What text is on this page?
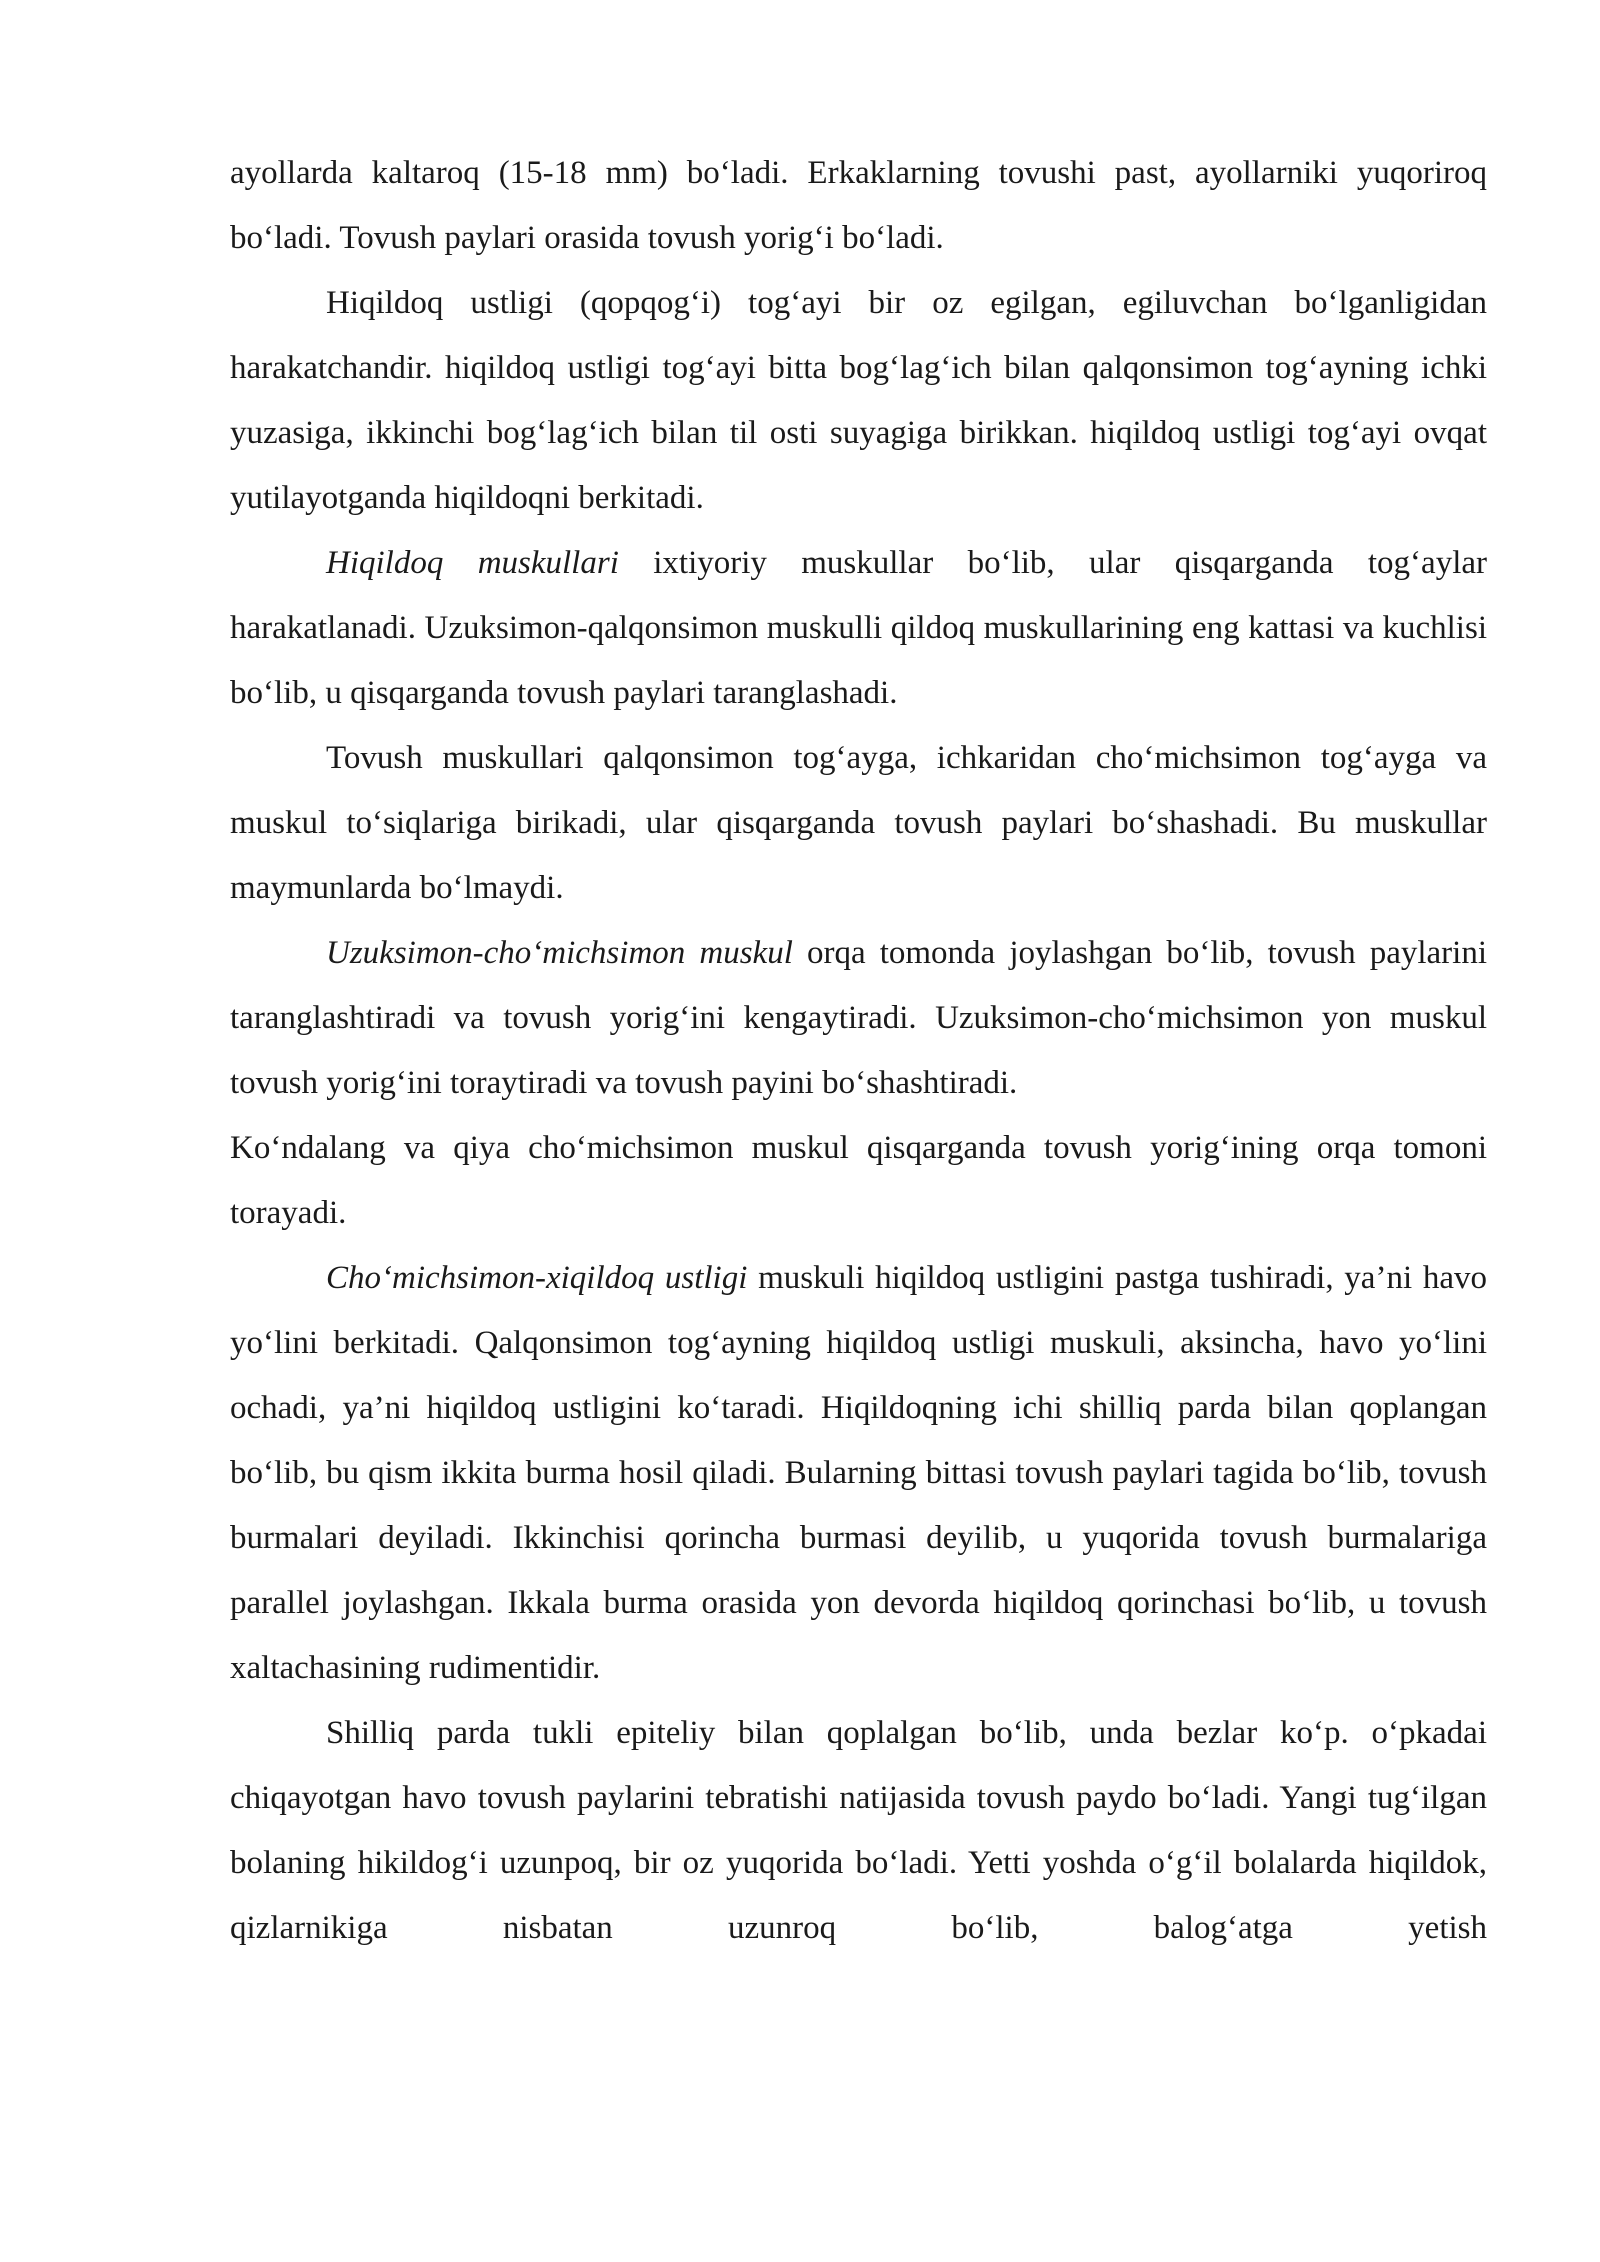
ayollarda kaltaroq (15-18 mm) bo‘ladi. Erkaklarning tovushi past, ayollarniki yuqoriroq bo‘ladi. Tovush paylari orasida tovush yorig‘i bo‘ladi.

Hiqildoq ustligi (qopqog‘i) tog‘ayi bir oz egilgan, egiluvchan bo‘lganligidan harakatchandir. hiqildoq ustligi tog‘ayi bitta bog‘lag‘ich bilan qalqonsimon tog‘ayning ichki yuzasiga, ikkinchi bog‘lag‘ich bilan til osti suyagiga birikkan. hiqildoq ustligi tog‘ayi ovqat yutilayotganda hiqildoqni berkitadi.

Hiqildoq muskullari ixtiyoriy muskullar bo‘lib, ular qisqarganda tog‘aylar harakatlanadi. Uzuksimon-qalqonsimon muskulli qildoq muskullarining eng kattasi va kuchlisi bo‘lib, u qisqarganda tovush paylari taranglashadi.

Tovush muskullari qalqonsimon tog‘ayga, ichkaridan cho‘michsimon tog‘ayga va muskul to‘siqlariga birikadi, ular qisqarganda tovush paylari bo‘shashadi. Bu muskullar maymunlarda bo‘lmaydi.

Uzuksimon-cho‘michsimon muskul orqa tomonda joylashgan bo‘lib, tovush paylarini taranglashtiradi va tovush yorig‘ini kengaytiradi. Uzuksimon-cho‘michsimon yon muskul tovush yorig‘ini toraytiradi va tovush payini bo‘shashtiradi.

Ko‘ndalang va qiya cho‘michsimon muskul qisqarganda tovush yorig‘ining orqa tomoni torayadi.

Cho‘michsimon-xiqildoq ustligi muskuli hiqildoq ustligini pastga tushiradi, ya’ni havo yo‘lini berkitadi. Qalqonsimon tog‘ayning hiqildoq ustligi muskuli, aksincha, havo yo‘lini ochadi, ya’ni hiqildoq ustligini ko‘taradi. Hiqildoqning ichi shilliq parda bilan qoplangan bo‘lib, bu qism ikkita burma hosil qiladi. Bularning bittasi tovush paylari tagida bo‘lib, tovush burmalari deyiladi. Ikkinchisi qorincha burmasi deyilib, u yuqorida tovush burmalariga parallel joylashgan. Ikkala burma orasida yon devorda hiqildoq qorinchasi bo‘lib, u tovush xaltachasining rudimentidir.

Shilliq parda tukli epiteliy bilan qoplalgan bo‘lib, unda bezlar ko‘p. o‘pkadai chiqayotgan havo tovush paylarini tebratishi natijasida tovush paydo bo‘ladi. Yangi tug‘ilgan bolaning hikildog‘i uzunpoq, bir oz yuqorida bo‘ladi. Yetti yoshda o‘g‘il bolalarda hiqildok, qizlarnikiga nisbatan uzunroq bo‘lib, balog‘atga yetish
